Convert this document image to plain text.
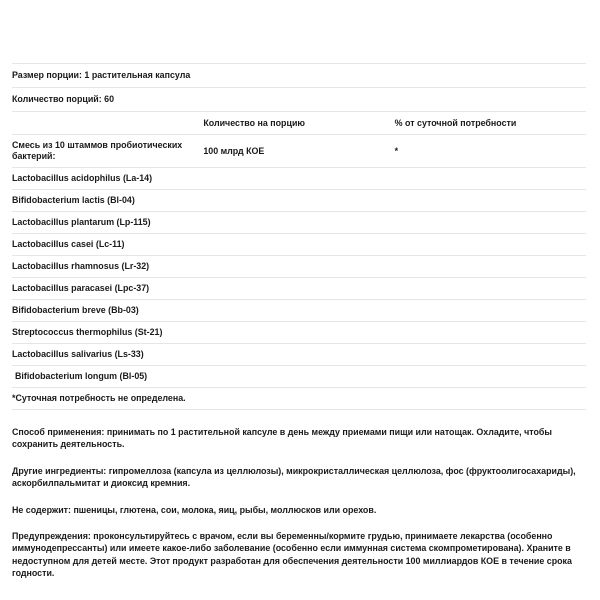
Размер порции: 1 растительная капсула		
Количество порций: 60		
	Количество на порцию	% от суточной потребности
Смесь из 10 штаммов пробиотических бактерий:	100 млрд КОЕ	*
Lactobacillus acidophilus (La-14)		
Bifidobacterium lactis (Bl-04)		
Lactobacillus plantarum (Lp-115)		
Lactobacillus casei (Lc-11)		
Lactobacillus rhamnosus (Lr-32)		
Lactobacillus paracasei (Lpc-37)		
Bifidobacterium breve (Bb-03)		
Streptococcus thermophilus (St-21)		
Lactobacillus salivarius (Ls-33)		
Bifidobacterium longum (Bl-05)		
*Суточная потребность не определена.		

Способ применения: принимать по 1 растительной капсуле в день между приемами пищи или натощак. Охладите, чтобы сохранить деятельность.

Другие ингредиенты: гипромеллоза (капсула из целлюлозы), микрокристаллическая целлюлоза, фос (фруктоолигосахариды), аскорбилпальмитат и диоксид кремния.

Не содержит: пшеницы, глютена, сои, молока, яиц, рыбы, моллюсков или орехов.

Предупреждения: проконсультируйтесь с врачом, если вы беременны/кормите грудью, принимаете лекарства (особенно иммунодепрессанты) или имеете какое-либо заболевание (особенно если иммунная система скомпрометирована). Храните в недоступном для детей месте. Этот продукт разработан для обеспечения деятельности 100 миллиардов КОЕ в течение срока годности.
